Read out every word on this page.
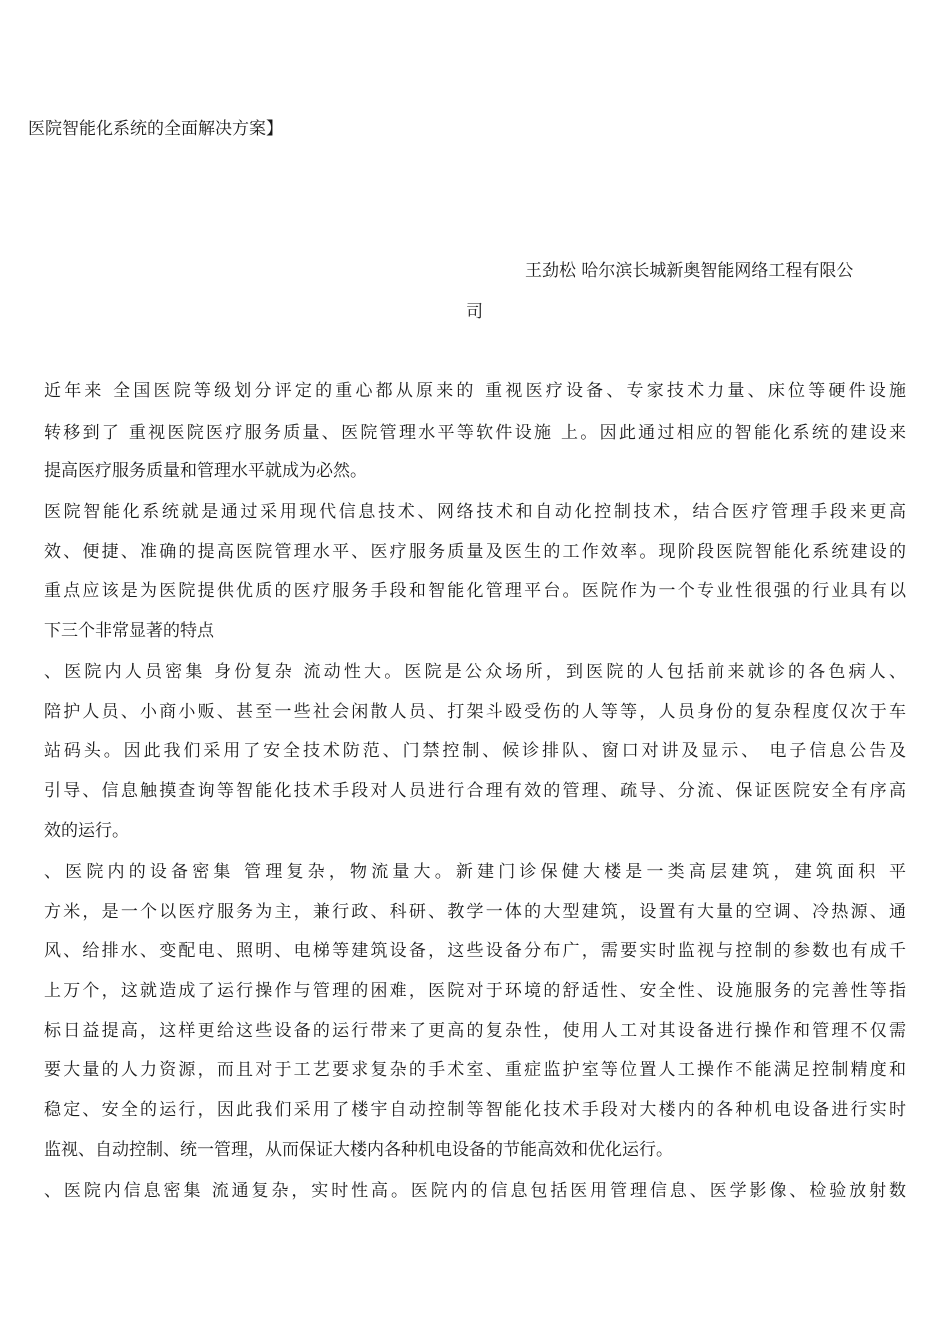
医院智能化系统的全面解决方案】
王劲松 哈尔滨长城新奥智能网络工程有限公
司
近年来 全国医院等级划分评定的重心都从原来的 重视医疗设备、专家技术力量、床位等硬件设施
转移到了 重视医院医疗服务质量、医院管理水平等软件设施 上。因此通过相应的智能化系统的建设来
提高医疗服务质量和管理水平就成为必然。
医院智能化系统就是通过采用现代信息技术、网络技术和自动化控制技术，结合医疗管理手段来更高
效、便捷、准确的提高医院管理水平、医疗服务质量及医生的工作效率。现阶段医院智能化系统建设的
重点应该是为医院提供优质的医疗服务手段和智能化管理平台。医院作为一个专业性很强的行业具有以
下三个非常显著的特点
、医院内人员密集 身份复杂 流动性大。医院是公众场所，到医院的人包括前来就诊的各色病人、
陪护人员、小商小贩、甚至一些社会闲散人员、打架斗殴受伤的人等等，人员身份的复杂程度仅次于车
站码头。因此我们采用了安全技术防范、门禁控制、候诊排队、窗口对讲及显示、 电子信息公告及
引导、信息触摸查询等智能化技术手段对人员进行合理有效的管理、疏导、分流、保证医院安全有序高
效的运行。
、医院内的设备密集 管理复杂，物流量大。新建门诊保健大楼是一类高层建筑，建筑面积 平
方米，是一个以医疗服务为主，兼行政、科研、教学一体的大型建筑，设置有大量的空调、冷热源、通
风、给排水、变配电、照明、电梯等建筑设备，这些设备分布广，需要实时监视与控制的参数也有成千
上万个，这就造成了运行操作与管理的困难，医院对于环境的舒适性、安全性、设施服务的完善性等指
标日益提高，这样更给这些设备的运行带来了更高的复杂性，使用人工对其设备进行操作和管理不仅需
要大量的人力资源，而且对于工艺要求复杂的手术室、重症监护室等位置人工操作不能满足控制精度和
稳定、安全的运行，因此我们采用了楼宇自动控制等智能化技术手段对大楼内的各种机电设备进行实时
监视、自动控制、统一管理，从而保证大楼内各种机电设备的节能高效和优化运行。
、医院内信息密集 流通复杂，实时性高。医院内的信息包括医用管理信息、医学影像、检验放射数
